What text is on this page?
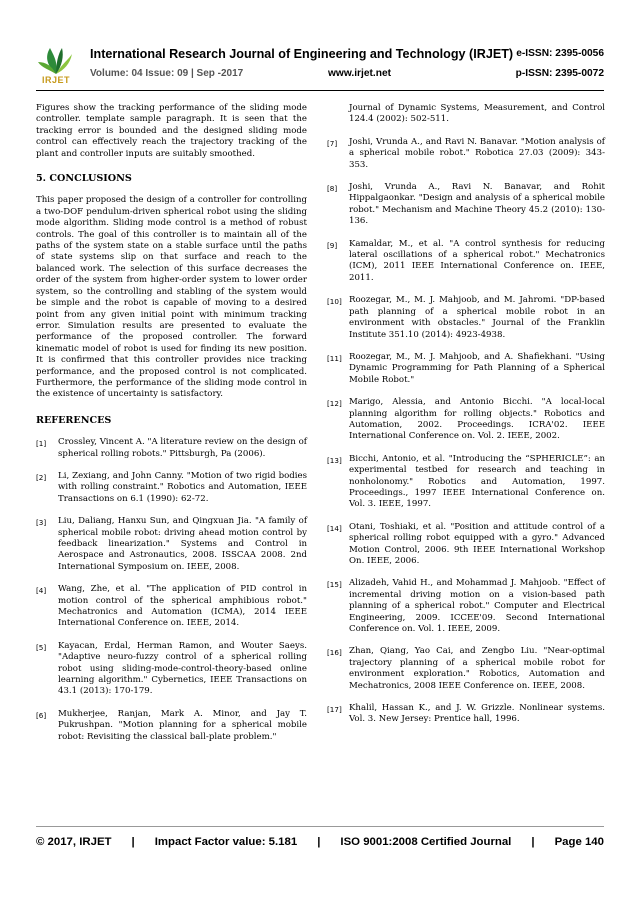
IRJET
International Research Journal of Engineering and Technology (IRJET) e-ISSN: 2395-0056
Volume: 04 Issue: 09 | Sep -2017	www.irjet.net	p-ISSN: 2395-0072

Figures show the tracking performance of the sliding mode controller. template sample paragraph. It is seen that the tracking error is bounded and the designed sliding mode control can effectively reach the trajectory tracking of the plant and controller inputs are suitably smoothed.

5. CONCLUSIONS

This paper proposed the design of a controller for controlling a two-DOF pendulum-driven spherical robot using the sliding mode algorithm. Sliding mode control is a method of robust controls. The goal of this controller is to maintain all of the paths of the system state on a stable surface until the paths of state systems slip on that surface and reach to the balanced work. The selection of this surface decreases the order of the system from higher-order system to lower order system, so the controlling and stabling of the system would be simple and the robot is capable of moving to a desired point from any given initial point with minimum tracking error. Simulation results are presented to evaluate the performance of the proposed controller. The forward kinematic model of robot is used for finding its new position. It is confirmed that this controller provides nice tracking performance, and the proposed control is not complicated. Furthermore, the performance of the sliding mode control in the existence of uncertainty is satisfactory.

REFERENCES
[1]	Crossley, Vincent A. "A literature review on the design of spherical rolling robots." Pittsburgh, Pa (2006).
[2]	Li, Zexiang, and John Canny. "Motion of two rigid bodies with rolling constraint." Robotics and Automation, IEEE Transactions on 6.1 (1990): 62-72.
[3]	Liu, Daliang, Hanxu Sun, and Qingxuan Jia. "A family of spherical mobile robot: driving ahead motion control by feedback linearization." Systems and Control in Aerospace and Astronautics, 2008. ISSCAA 2008. 2nd International Symposium on. IEEE, 2008.
[4]	Wang, Zhe, et al. "The application of PID control in motion control of the spherical amphibious robot." Mechatronics and Automation (ICMA), 2014 IEEE International Conference on. IEEE, 2014.
[5]	Kayacan, Erdal, Herman Ramon, and Wouter Saeys. "Adaptive neuro-fuzzy control of a spherical rolling robot using sliding-mode-control-theory-based online learning algorithm." Cybernetics, IEEE Transactions on 43.1 (2013): 170-179.
[6]	Mukherjee, Ranjan, Mark A. Minor, and Jay T. Pukrushpan. "Motion planning for a spherical mobile robot: Revisiting the classical ball-plate problem."
Journal of Dynamic Systems, Measurement, and Control 124.4 (2002): 502-511.
[7]	Joshi, Vrunda A., and Ravi N. Banavar. "Motion analysis of a spherical mobile robot." Robotica 27.03 (2009): 343-353.
[8]	Joshi, Vrunda A., Ravi N. Banavar, and Rohit Hippalgaonkar. "Design and analysis of a spherical mobile robot." Mechanism and Machine Theory 45.2 (2010): 130-136.
[9]	Kamaldar, M., et al. "A control synthesis for reducing lateral oscillations of a spherical robot." Mechatronics (ICM), 2011 IEEE International Conference on. IEEE, 2011.
[10] Roozegar, M., M. J. Mahjoob, and M. Jahromi. "DP-based path planning of a spherical mobile robot in an environment with obstacles." Journal of the Franklin Institute 351.10 (2014): 4923-4938.
[11] Roozegar, M., M. J. Mahjoob, and A. Shafiekhani. "Using Dynamic Programming for Path Planning of a Spherical Mobile Robot."
[12] Marigo, Alessia, and Antonio Bicchi. "A local-local planning algorithm for rolling objects." Robotics and Automation, 2002. Proceedings. ICRA'02. IEEE International Conference on. Vol. 2. IEEE, 2002.
[13] Bicchi, Antonio, et al. "Introducing the “SPHERICLE”: an experimental testbed for research and teaching in nonholonomy." Robotics and Automation, 1997. Proceedings., 1997 IEEE International Conference on. Vol. 3. IEEE, 1997.
[14] Otani, Toshiaki, et al. "Position and attitude control of a spherical rolling robot equipped with a gyro." Advanced Motion Control, 2006. 9th IEEE International Workshop On. IEEE, 2006.
[15] Alizadeh, Vahid H., and Mohammad J. Mahjoob. "Effect of incremental driving motion on a vision-based path planning of a spherical robot." Computer and Electrical Engineering, 2009. ICCEE'09. Second International Conference on. Vol. 1. IEEE, 2009.
[16] Zhan, Qiang, Yao Cai, and Zengbo Liu. "Near-optimal trajectory planning of a spherical mobile robot for environment exploration." Robotics, Automation and Mechatronics, 2008 IEEE Conference on. IEEE, 2008.
[17] Khalil, Hassan K., and J. W. Grizzle. Nonlinear systems. Vol. 3. New Jersey: Prentice hall, 1996.
© 2017, IRJET | Impact Factor value: 5.181 | ISO 9001:2008 Certified Journal | Page 140
